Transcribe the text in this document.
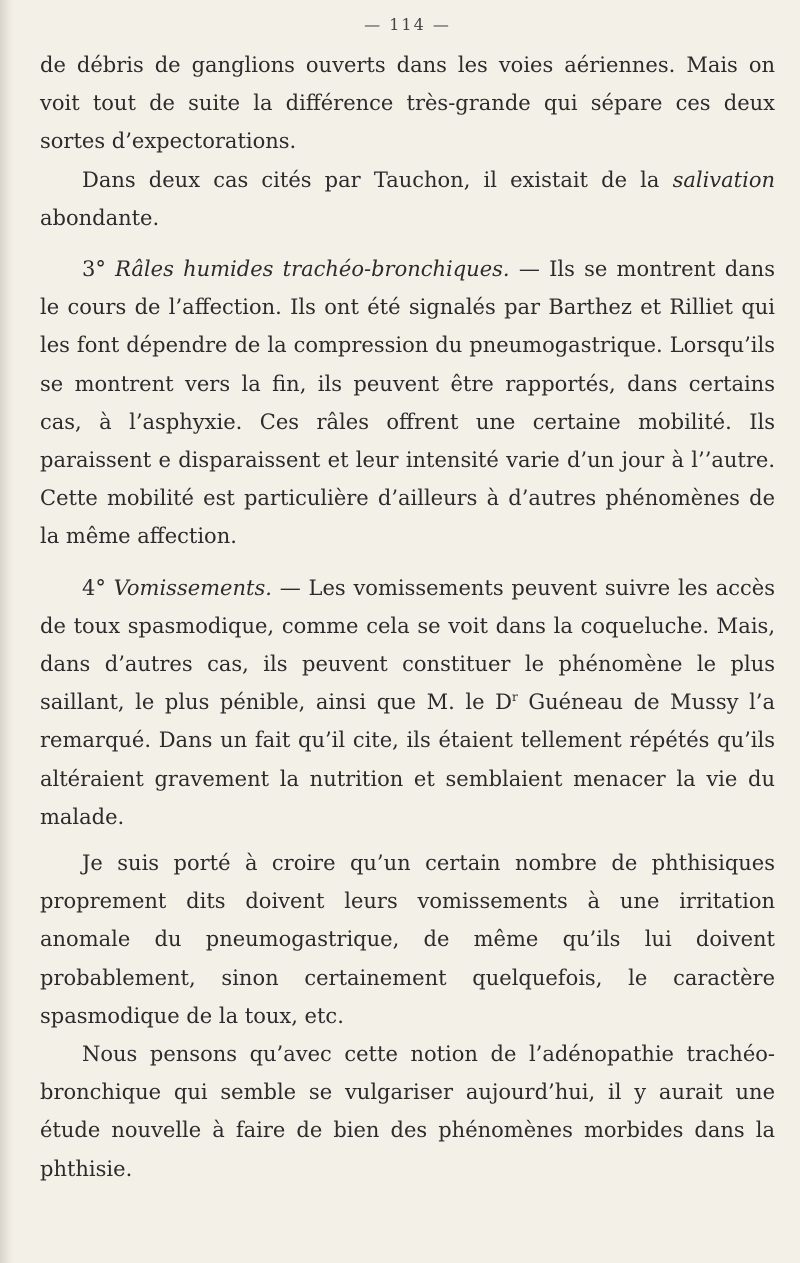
— 114 —

de débris de ganglions ouverts dans les voies aériennes. Mais on voit tout de suite la différence très-grande qui sépare ces deux sortes d’expectorations.

Dans deux cas cités par Tauchon, il existait de la salivation abondante.

3° Râles humides trachéo-bronchiques. — Ils se montrent dans le cours de l’affection. Ils ont été signalés par Barthez et Rilliet qui les font dépendre de la compression du pneumogastrique. Lorsqu’ils se montrent vers la fin, ils peuvent être rapportés, dans certains cas, à l’asphyxie. Ces râles offrent une certaine mobilité. Ils paraissent e disparaissent et leur intensité varie d’un jour à l’’autre. Cette mobilité est particulière d’ailleurs à d’autres phénomènes de la même affection.

4° Vomissements. — Les vomissements peuvent suivre les accès de toux spasmodique, comme cela se voit dans la coqueluche. Mais, dans d’autres cas, ils peuvent constituer le phénomène le plus saillant, le plus pénible, ainsi que M. le $D^r$ Guéneau de Mussy l’a remarqué. Dans un fait qu’il cite, ils étaient tellement répétés qu’ils altéraient gravement la nutrition et semblaient menacer la vie du malade.

Je suis porté à croire qu’un certain nombre de phthisiques proprement dits doivent leurs vomissements à une irritation anomale du pneumogastrique, de même qu’ils lui doivent probablement, sinon certainement quelquefois, le caractère spasmodique de la toux, etc.

Nous pensons qu’avec cette notion de l’adénopathie trachéo-bronchique qui semble se vulgariser aujourd’hui, il y aurait une étude nouvelle à faire de bien des phénomènes morbides dans la phthisie.
